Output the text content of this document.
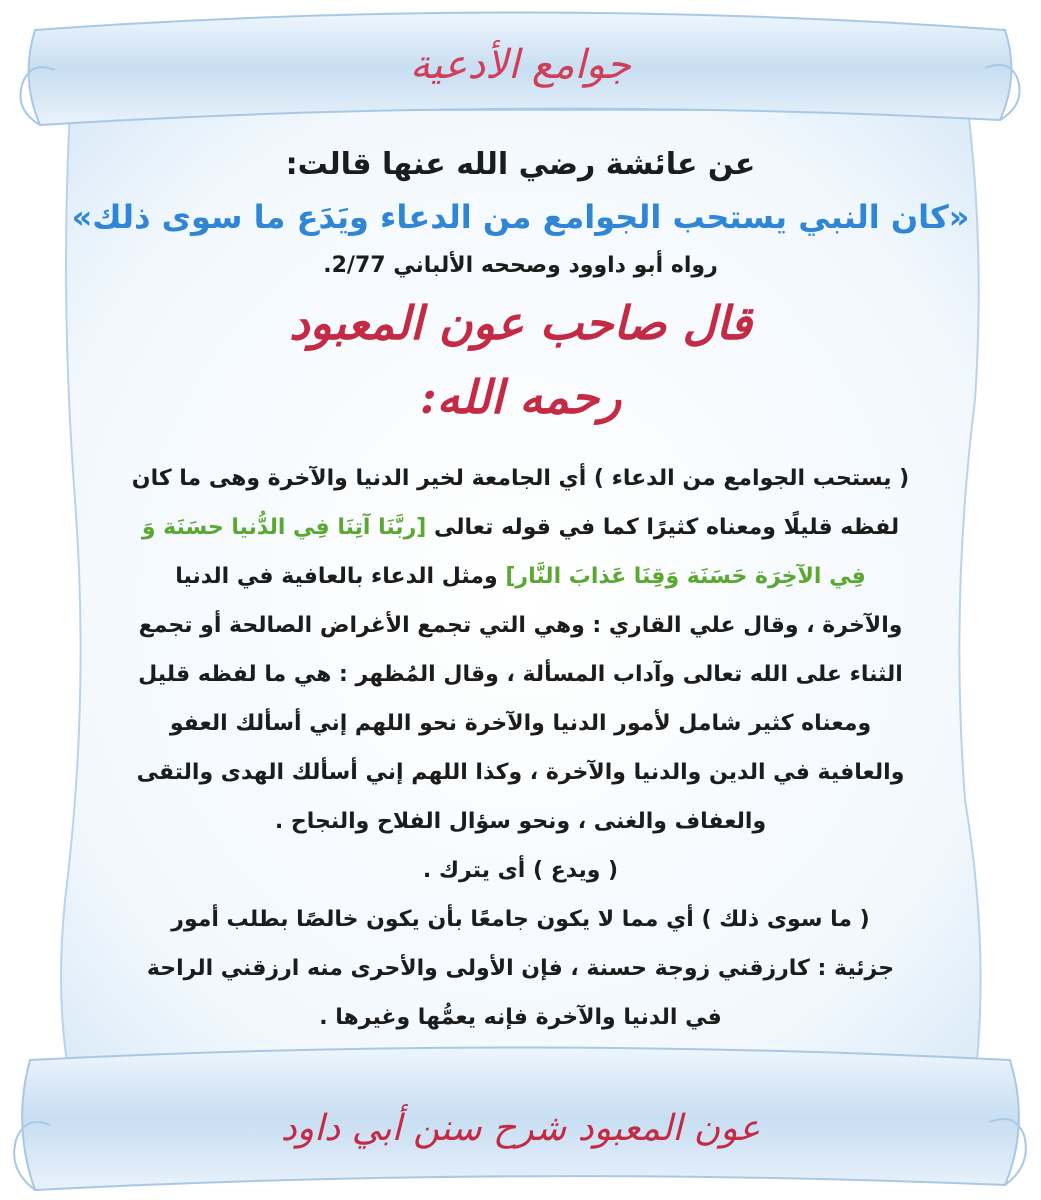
جوامع الأدعية
عن عائشة رضي الله عنها قالت:
«كان النبي يستحب الجوامع من الدعاء ويَدَع ما سوى ذلك»
رواه أبو داوود وصححه الألباني 2/77.
قال صاحب عون المعبود
رحمه الله:
( يستحب الجوامع من الدعاء ) أي الجامعة لخير الدنيا والآخرة وهى ما كان
لفظه قليلًا ومعناه كثيرًا كما في قوله تعالى [ربَّنَا آتِنَا فِي الدُّنيا حسَنَة وَ
فِي الآخِرَة حَسَنَة وَقِنَا عَذابَ النَّار] ومثل الدعاء بالعافية في الدنيا
والآخرة ، وقال علي القاري : وهي التي تجمع الأغراض الصالحة أو تجمع
الثناء على الله تعالى وآداب المسألة ، وقال المُظهر : هي ما لفظه قليل
ومعناه كثير شامل لأمور الدنيا والآخرة نحو اللهم إني أسألك العفو
والعافية في الدين والدنيا والآخرة ، وكذا اللهم إني أسألك الهدى والتقى
والعفاف والغنى ، ونحو سؤال الفلاح والنجاح .
( ويدع ) أى يترك .
( ما سوى ذلك ) أي مما لا يكون جامعًا بأن يكون خالصًا بطلب أمور
جزئية : كارزقني زوجة حسنة ، فإن الأولى والأحرى منه ارزقني الراحة
في الدنيا والآخرة فإنه يعمُّها وغيرها .
عون المعبود شرح سنن أبي داود
